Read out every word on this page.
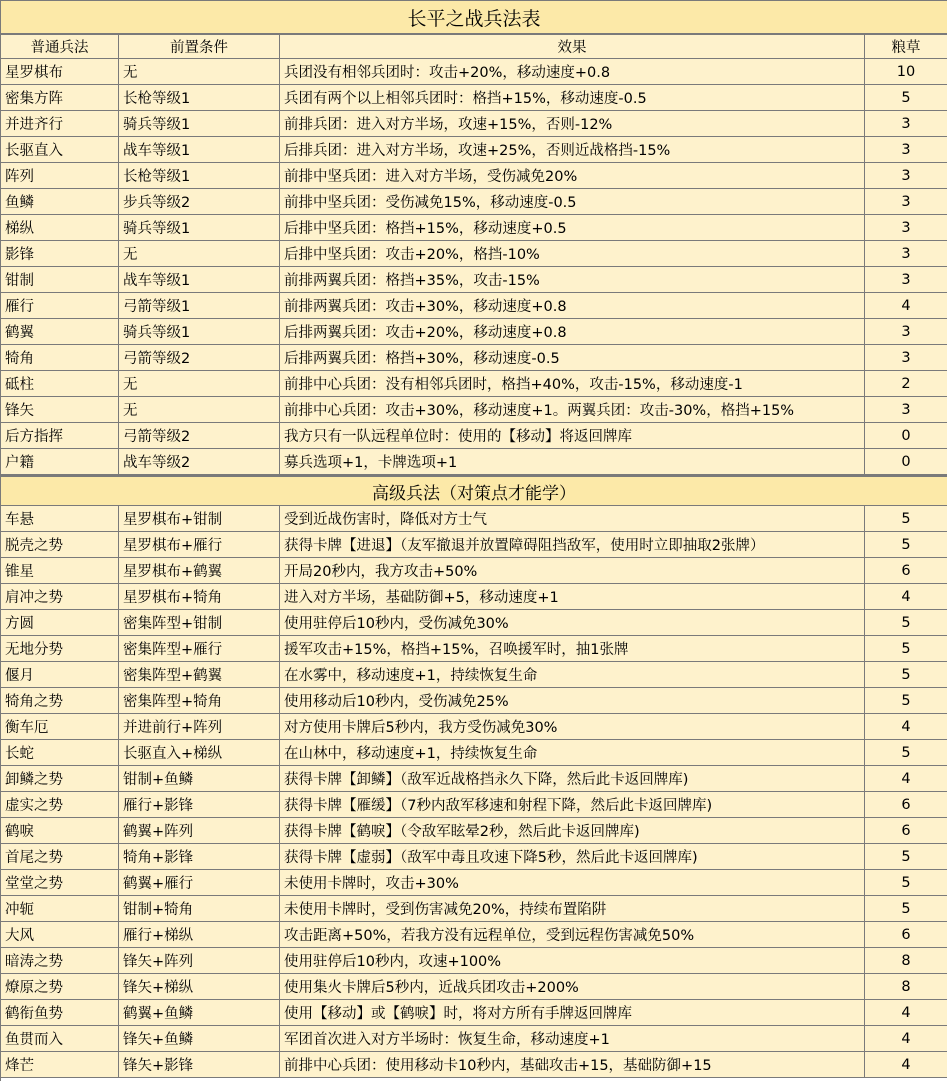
长平之战兵法表
普通兵法	前置条件	效果	粮草
星罗棋布	无	兵团没有相邻兵团时：攻击+20%，移动速度+0.8	10
密集方阵	长枪等级1	兵团有两个以上相邻兵团时：格挡+15%，移动速度-0.5	5
并进齐行	骑兵等级1	前排兵团：进入对方半场，攻速+15%，否则-12%	3
长驱直入	战车等级1	后排兵团：进入对方半场，攻速+25%，否则近战格挡-15%	3
阵列	长枪等级1	前排中坚兵团：进入对方半场，受伤减免20%	3
鱼鳞	步兵等级2	前排中坚兵团：受伤减免15%，移动速度-0.5	3
梯纵	骑兵等级1	后排中坚兵团：格挡+15%，移动速度+0.5	3
影锋	无	后排中坚兵团：攻击+20%，格挡-10%	3
钳制	战车等级1	前排两翼兵团：格挡+35%，攻击-15%	3
雁行	弓箭等级1	前排两翼兵团：攻击+30%，移动速度+0.8	4
鹤翼	骑兵等级1	后排两翼兵团：攻击+20%，移动速度+0.8	3
犄角	弓箭等级2	后排两翼兵团：格挡+30%，移动速度-0.5	3
砥柱	无	前排中心兵团：没有相邻兵团时，格挡+40%，攻击-15%，移动速度-1	2
锋矢	无	前排中心兵团：攻击+30%，移动速度+1。两翼兵团：攻击-30%，格挡+15%	3
后方指挥	弓箭等级2	我方只有一队远程单位时：使用的【移动】将返回牌库	0
户籍	战车等级2	募兵选项+1，卡牌选项+1	0
高级兵法（对策点才能学）
车悬	星罗棋布+钳制	受到近战伤害时，降低对方士气	5
脱壳之势	星罗棋布+雁行	获得卡牌【进退】（友军撤退并放置障碍阻挡敌军，使用时立即抽取2张牌）	5
锥星	星罗棋布+鹤翼	开局20秒内，我方攻击+50%	6
肩冲之势	星罗棋布+犄角	进入对方半场，基础防御+5，移动速度+1	4
方圆	密集阵型+钳制	使用驻停后10秒内，受伤减免30%	5
无地分势	密集阵型+雁行	援军攻击+15%，格挡+15%，召唤援军时，抽1张牌	5
偃月	密集阵型+鹤翼	在水雾中，移动速度+1，持续恢复生命	5
犄角之势	密集阵型+犄角	使用移动后10秒内，受伤减免25%	5
衡车厄	并进前行+阵列	对方使用卡牌后5秒内，我方受伤减免30%	4
长蛇	长驱直入+梯纵	在山林中，移动速度+1，持续恢复生命	5
卸鳞之势	钳制+鱼鳞	获得卡牌【卸鳞】（敌军近战格挡永久下降，然后此卡返回牌库)	4
虚实之势	雁行+影锋	获得卡牌【雁缓】（7秒内敌军移速和射程下降，然后此卡返回牌库)	6
鹤唳	鹤翼+阵列	获得卡牌【鹤唳】（令敌军眩晕2秒，然后此卡返回牌库)	6
首尾之势	犄角+影锋	获得卡牌【虚弱】（敌军中毒且攻速下降5秒，然后此卡返回牌库)	5
堂堂之势	鹤翼+雁行	未使用卡牌时，攻击+30%	5
冲轭	钳制+犄角	未使用卡牌时，受到伤害减免20%，持续布置陷阱	5
大风	雁行+梯纵	攻击距离+50%，若我方没有远程单位，受到远程伤害减免50%	6
暗涛之势	锋矢+阵列	使用驻停后10秒内，攻速+100%	8
燎原之势	锋矢+梯纵	使用集火卡牌后5秒内，近战兵团攻击+200%	8
鹤衔鱼势	鹤翼+鱼鳞	使用【移动】或【鹤唳】时，将对方所有手牌返回牌库	4
鱼贯而入	锋矢+鱼鳞	军团首次进入对方半场时：恢复生命，移动速度+1	4
烽芒	锋矢+影锋	前排中心兵团：使用移动卡10秒内，基础攻击+15，基础防御+15	4
